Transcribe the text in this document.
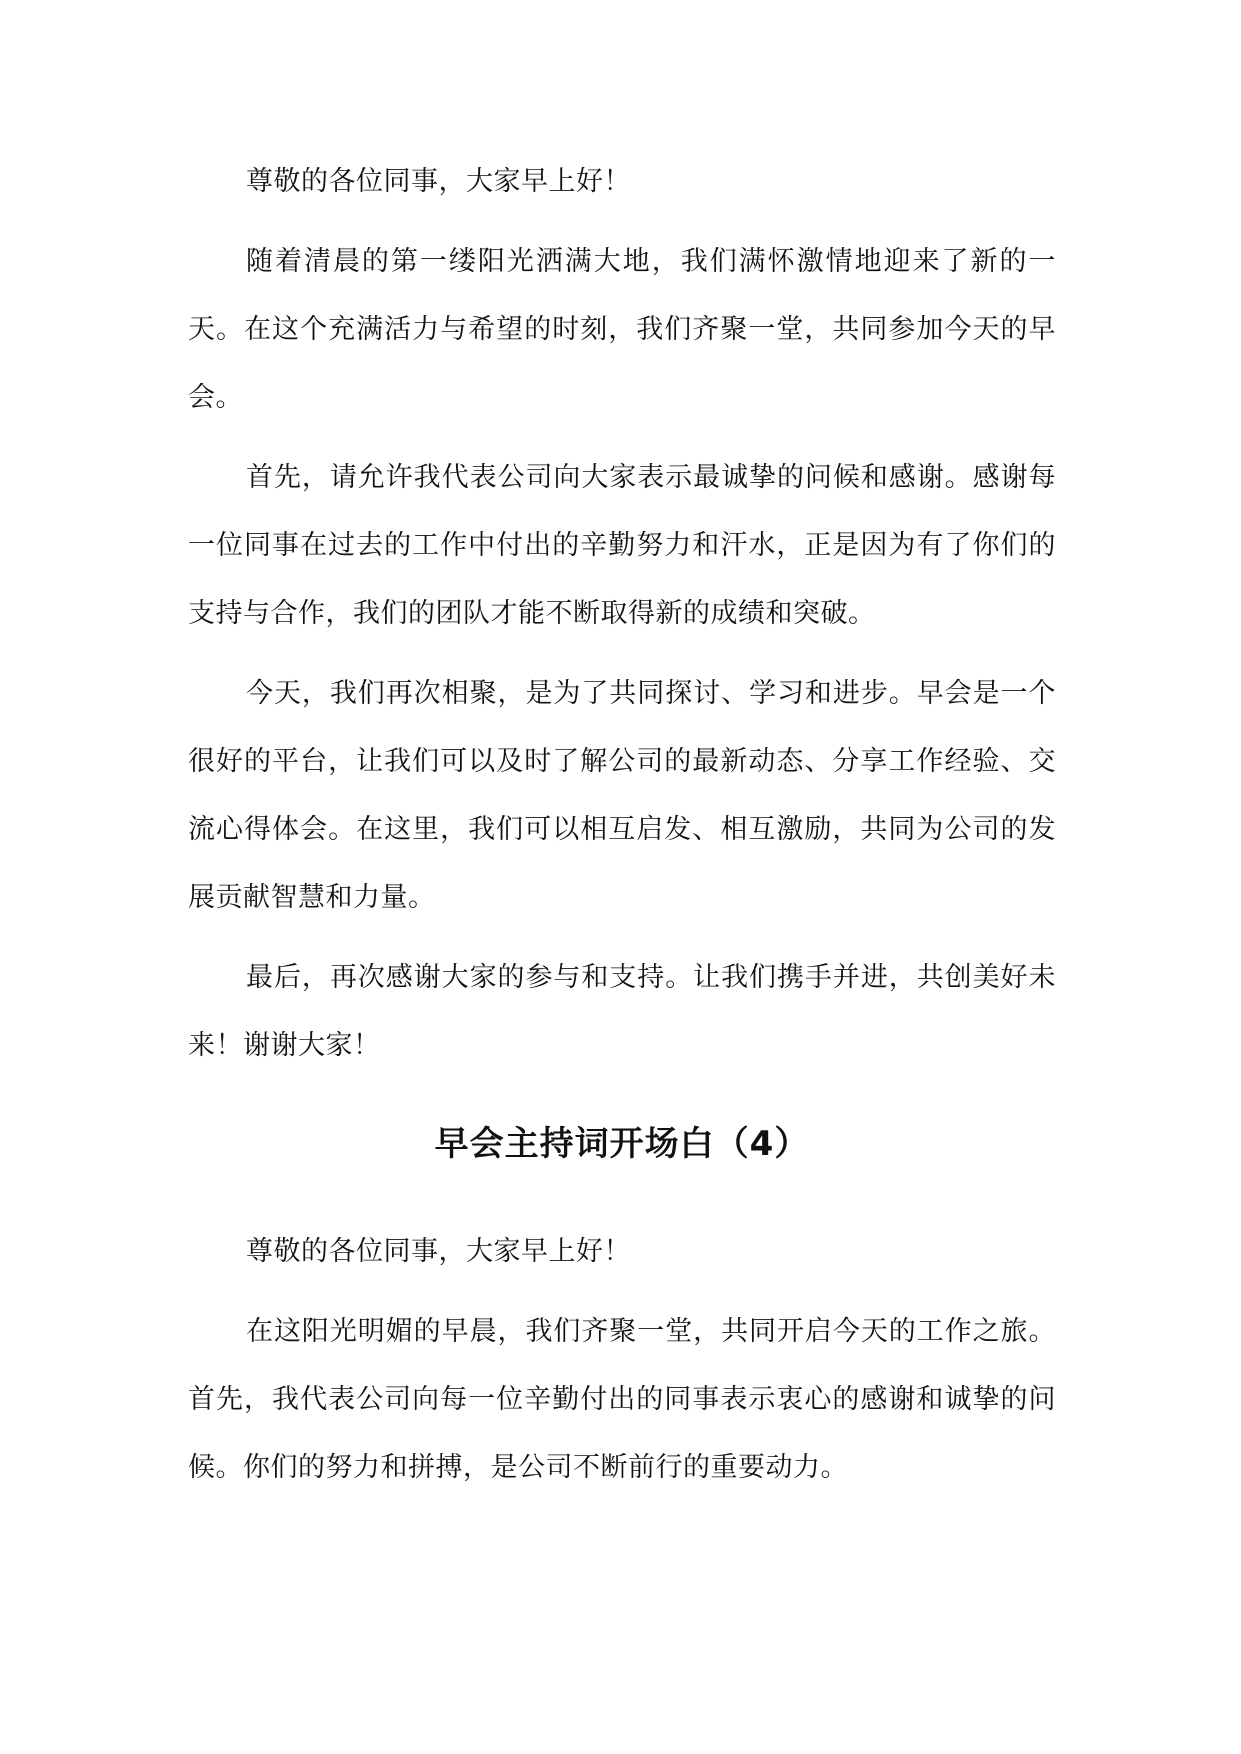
尊敬的各位同事，大家早上好！

随着清晨的第一缕阳光洒满大地，我们满怀激情地迎来了新的一天。在这个充满活力与希望的时刻，我们齐聚一堂，共同参加今天的早会。

首先，请允许我代表公司向大家表示最诚挚的问候和感谢。感谢每一位同事在过去的工作中付出的辛勤努力和汗水，正是因为有了你们的支持与合作，我们的团队才能不断取得新的成绩和突破。

今天，我们再次相聚，是为了共同探讨、学习和进步。早会是一个很好的平台，让我们可以及时了解公司的最新动态、分享工作经验、交流心得体会。在这里，我们可以相互启发、相互激励，共同为公司的发展贡献智慧和力量。

最后，再次感谢大家的参与和支持。让我们携手并进，共创美好未来！谢谢大家！

早会主持词开场白（4）

尊敬的各位同事，大家早上好！

在这阳光明媚的早晨，我们齐聚一堂，共同开启今天的工作之旅。首先，我代表公司向每一位辛勤付出的同事表示衷心的感谢和诚挚的问候。你们的努力和拼搏，是公司不断前行的重要动力。
